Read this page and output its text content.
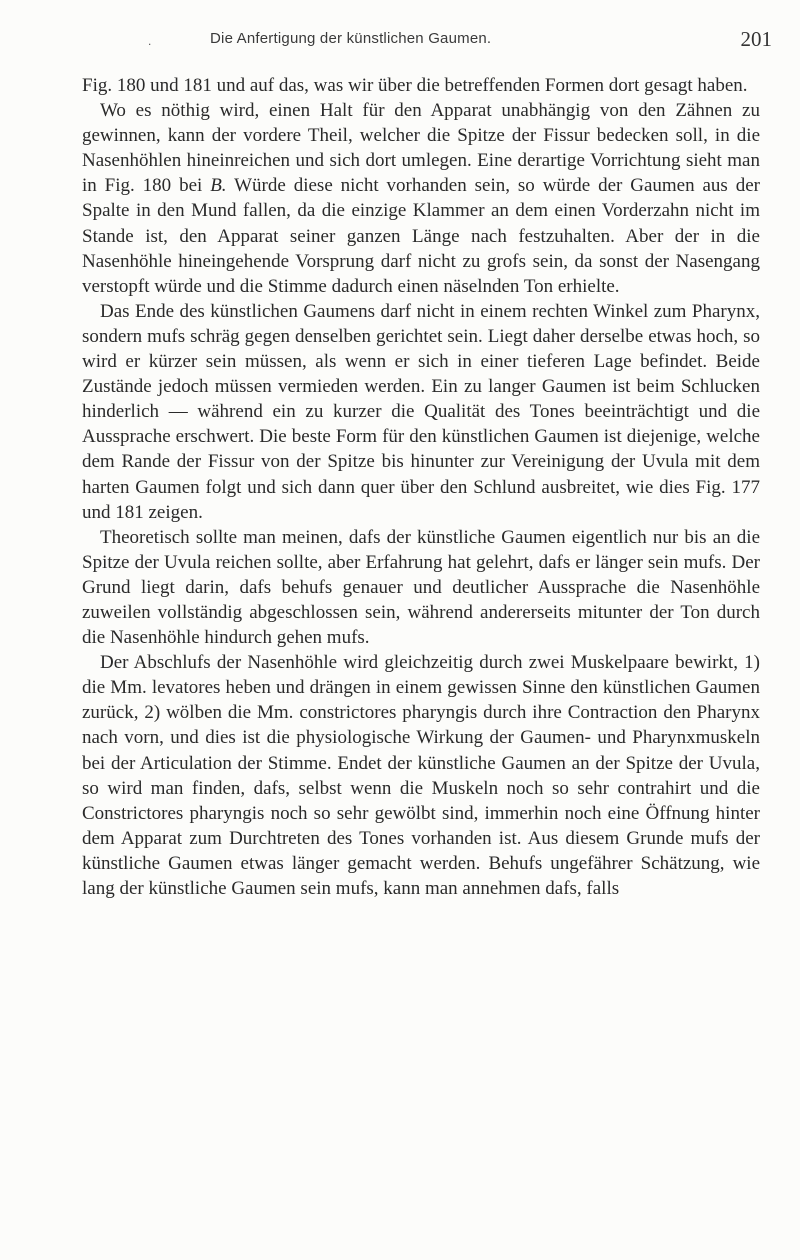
.	Die Anfertigung der künstlichen Gaumen.	201

Fig. 180 und 181 und auf das, was wir über die betreffenden Formen dort gesagt haben.

Wo es nöthig wird, einen Halt für den Apparat unabhängig von den Zähnen zu gewinnen, kann der vordere Theil, welcher die Spitze der Fissur bedecken soll, in die Nasenhöhlen hineinreichen und sich dort umlegen. Eine derartige Vorrichtung sieht man in Fig. 180 bei B. Würde diese nicht vorhanden sein, so würde der Gaumen aus der Spalte in den Mund fallen, da die einzige Klammer an dem einen Vorderzahn nicht im Stande ist, den Apparat seiner ganzen Länge nach festzuhalten. Aber der in die Nasenhöhle hineingehende Vorsprung darf nicht zu grofs sein, da sonst der Nasengang verstopft würde und die Stimme dadurch einen näselnden Ton erhielte.

Das Ende des künstlichen Gaumens darf nicht in einem rechten Winkel zum Pharynx, sondern mufs schräg gegen denselben gerichtet sein. Liegt daher derselbe etwas hoch, so wird er kürzer sein müssen, als wenn er sich in einer tieferen Lage befindet. Beide Zustände jedoch müssen vermieden werden. Ein zu langer Gaumen ist beim Schlucken hinderlich — während ein zu kurzer die Qualität des Tones beeinträchtigt und die Aussprache erschwert. Die beste Form für den künstlichen Gaumen ist diejenige, welche dem Rande der Fissur von der Spitze bis hinunter zur Vereinigung der Uvula mit dem harten Gaumen folgt und sich dann quer über den Schlund ausbreitet, wie dies Fig. 177 und 181 zeigen.

Theoretisch sollte man meinen, dafs der künstliche Gaumen eigentlich nur bis an die Spitze der Uvula reichen sollte, aber Erfahrung hat gelehrt, dafs er länger sein mufs. Der Grund liegt darin, dafs behufs genauer und deutlicher Aussprache die Nasenhöhle zuweilen vollständig abgeschlossen sein, während andererseits mitunter der Ton durch die Nasenhöhle hindurch gehen mufs.

Der Abschlufs der Nasenhöhle wird gleichzeitig durch zwei Muskelpaare bewirkt, 1) die Mm. levatores heben und drängen in einem gewissen Sinne den künstlichen Gaumen zurück, 2) wölben die Mm. constrictores pharyngis durch ihre Contraction den Pharynx nach vorn, und dies ist die physiologische Wirkung der Gaumen- und Pharynxmuskeln bei der Articulation der Stimme. Endet der künstliche Gaumen an der Spitze der Uvula, so wird man finden, dafs, selbst wenn die Muskeln noch so sehr contrahirt und die Constrictores pharyngis noch so sehr gewölbt sind, immerhin noch eine Öffnung hinter dem Apparat zum Durchtreten des Tones vorhanden ist. Aus diesem Grunde mufs der künstliche Gaumen etwas länger gemacht werden. Behufs ungefährer Schätzung, wie lang der künstliche Gaumen sein mufs, kann man annehmen dafs, falls
